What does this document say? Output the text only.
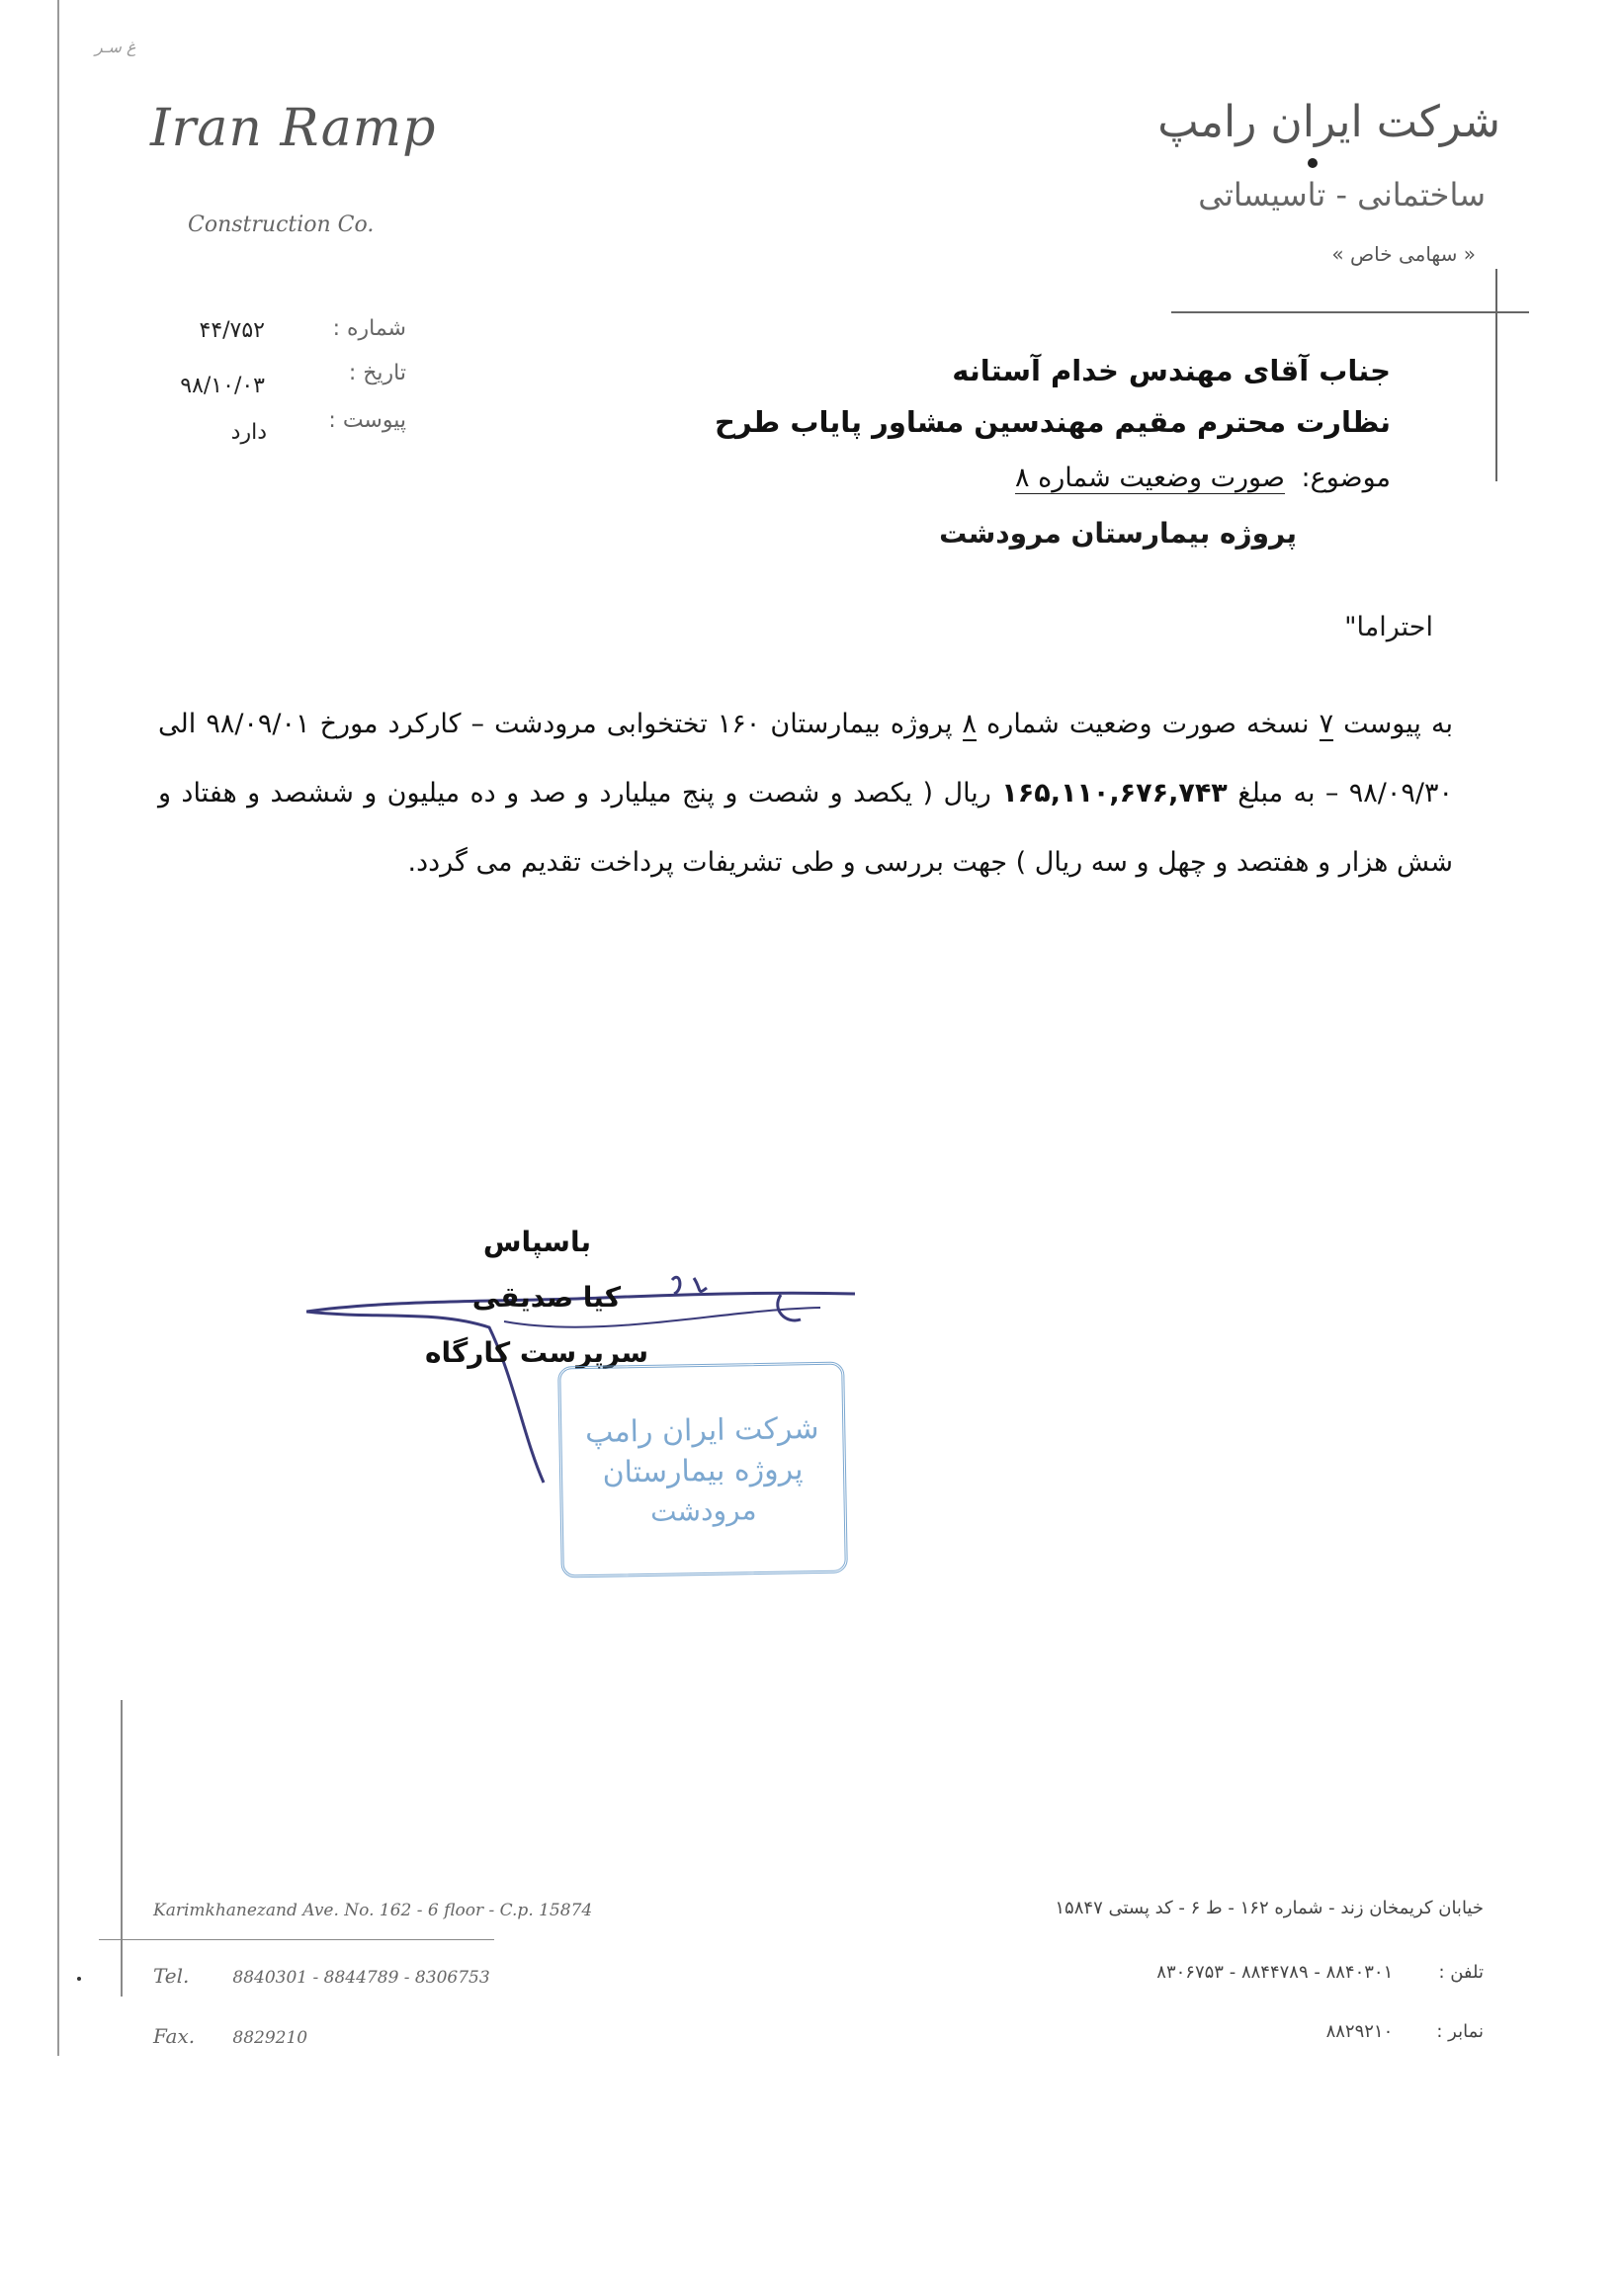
غ سـر
Iran Ramp
Construction Co.
شرکت ایران رامپ
ساختمانی - تاسیساتی
« سهامی خاص »
شماره :
۴۴/۷۵۲
تاریخ :
۹۸/۱۰/۰۳
پیوست :
دارد
جناب آقای مهندس خدام آستانه
نظارت محترم مقیم مهندسین مشاور پایاب طرح
موضوع: صورت وضعیت شماره ۸
پروژه بیمارستان مرودشت
احتراما"
به پیوست ۷ نسخه صورت وضعیت شماره ۸ پروژه بیمارستان ۱۶۰ تختخوابی مرودشت – کارکرد مورخ ۹۸/۰۹/۰۱ الی ۹۸/۰۹/۳۰ – به مبلغ ۱۶۵,۱۱۰,۶۷۶,۷۴۳ ریال ( یکصد و شصت و پنج میلیارد و صد و ده میلیون و ششصد و هفتاد و شش هزار و هفتصد و چهل و سه ریال ) جهت بررسی و طی تشریفات پرداخت تقدیم می گردد.
باسپاس
کیا صدیقی
سرپرست کارگاه
شرکت ایران رامپ
پروژه بیمارستان
مرودشت
Karimkhanezand Ave. No. 162 - 6 floor - C.p. 15874
Tel.	8840301 - 8844789 - 8306753
Fax. 8829210
خیابان کریمخان زند - شماره ۱۶۲ - ط ۶ - کد پستی ۱۵۸۴۷
تلفن : ۸۸۴۰۳۰۱ - ۸۸۴۴۷۸۹ - ۸۳۰۶۷۵۳
نمابر : ۸۸۲۹۲۱۰
